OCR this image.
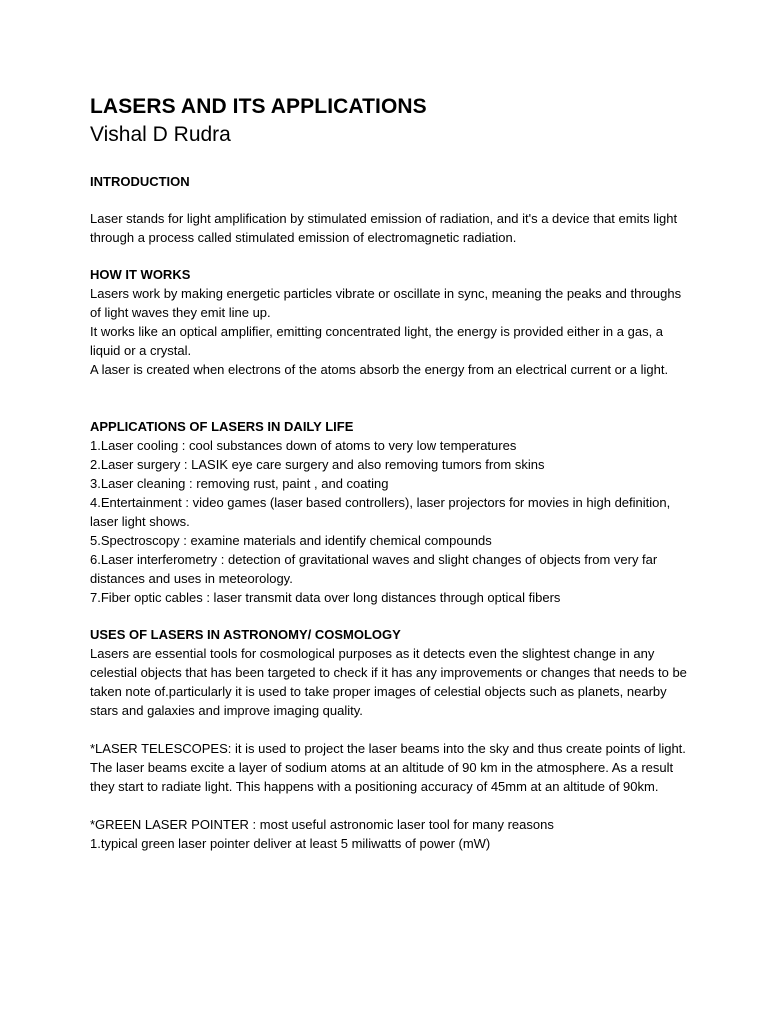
LASERS AND ITS APPLICATIONS

Vishal D Rudra

INTRODUCTION

Laser stands for light amplification by stimulated emission of radiation, and it's a device that emits light through a process called stimulated emission of electromagnetic radiation.

HOW IT WORKS

Lasers work by making energetic particles vibrate or oscillate in sync, meaning the peaks and throughs of light waves they emit line up.

It works like an optical amplifier, emitting concentrated light, the energy is provided either in a gas, a liquid or a crystal.

A laser is created when electrons of the atoms absorb the energy from an electrical current or a light.

APPLICATIONS OF LASERS IN DAILY LIFE

1.Laser cooling : cool substances down of atoms to very low temperatures

2.Laser surgery : LASIK eye care surgery and also removing tumors from skins

3.Laser cleaning : removing rust, paint , and coating

4.Entertainment : video games (laser based controllers), laser projectors for movies in high definition, laser light shows.

5.Spectroscopy : examine materials and identify chemical compounds

6.Laser interferometry : detection of gravitational waves and slight changes of objects from very far distances and uses in meteorology.

7.Fiber optic cables : laser transmit data over long distances through optical fibers

USES OF LASERS IN ASTRONOMY/ COSMOLOGY

Lasers are essential tools for cosmological purposes as it detects even the slightest change in any celestial objects that has been targeted to check if it has any improvements or changes that needs to be taken note of.particularly it is used to take proper images of celestial objects such as planets, nearby stars and galaxies and improve imaging quality.

*LASER TELESCOPES: it is used to project the laser beams into the sky and thus create points of light. The laser beams excite a layer of sodium atoms at an altitude of 90 km in the atmosphere. As a result they start to radiate light. This happens with a positioning accuracy of 45mm at an altitude of 90km.

*GREEN LASER POINTER : most useful astronomic laser tool for many reasons

1.typical green laser pointer deliver at least 5 miliwatts of power (mW)
